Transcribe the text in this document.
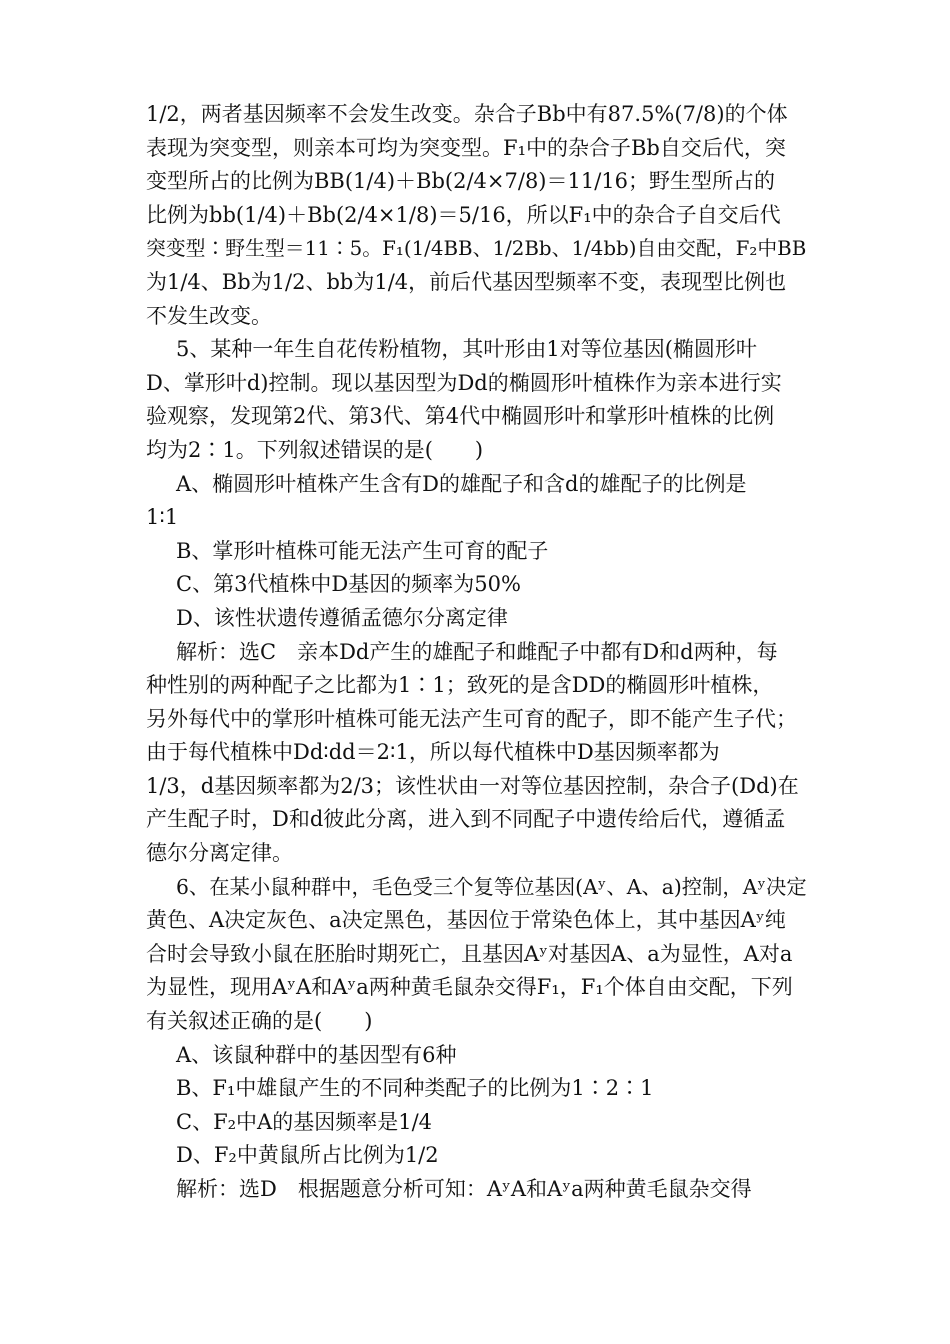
1/2，两者基因频率不会发生改变。杂合子Bb中有87.5%(7/8)的个体
表现为突变型，则亲本可均为突变型。F₁中的杂合子Bb自交后代，突
变型所占的比例为BB(1/4)＋Bb(2/4×7/8)＝11/16；野生型所占的
比例为bb(1/4)＋Bb(2/4×1/8)＝5/16，所以F₁中的杂合子自交后代
突变型∶野生型＝11∶5。F₁(1/4BB、1/2Bb、1/4bb)自由交配，F₂中BB
为1/4、Bb为1/2、bb为1/4，前后代基因型频率不变，表现型比例也
不发生改变。
5、某种一年生自花传粉植物，其叶形由1对等位基因(椭圆形叶
D、掌形叶d)控制。现以基因型为Dd的椭圆形叶植株作为亲本进行实
验观察，发现第2代、第3代、第4代中椭圆形叶和掌形叶植株的比例
均为2∶1。下列叙述错误的是(　　)
A、椭圆形叶植株产生含有D的雄配子和含d的雄配子的比例是
1∶1
B、掌形叶植株可能无法产生可育的配子
C、第3代植株中D基因的频率为50%
D、该性状遗传遵循孟德尔分离定律
解析：选C　亲本Dd产生的雄配子和雌配子中都有D和d两种，每
种性别的两种配子之比都为1∶1；致死的是含DD的椭圆形叶植株，
另外每代中的掌形叶植株可能无法产生可育的配子，即不能产生子代；
由于每代植株中Dd∶dd＝2∶1，所以每代植株中D基因频率都为
1/3，d基因频率都为2/3；该性状由一对等位基因控制，杂合子(Dd)在
产生配子时，D和d彼此分离，进入到不同配子中遗传给后代，遵循孟
德尔分离定律。
6、在某小鼠种群中，毛色受三个复等位基因(Aʸ、A、a)控制，Aʸ决定
黄色、A决定灰色、a决定黑色，基因位于常染色体上，其中基因Aʸ纯
合时会导致小鼠在胚胎时期死亡，且基因Aʸ对基因A、a为显性，A对a
为显性，现用AʸA和Aʸa两种黄毛鼠杂交得F₁，F₁个体自由交配，下列
有关叙述正确的是(　　)
A、该鼠种群中的基因型有6种
B、F₁中雄鼠产生的不同种类配子的比例为1∶2∶1
C、F₂中A的基因频率是1/4
D、F₂中黄鼠所占比例为1/2
解析：选D　根据题意分析可知：AʸA和Aʸa两种黄毛鼠杂交得
